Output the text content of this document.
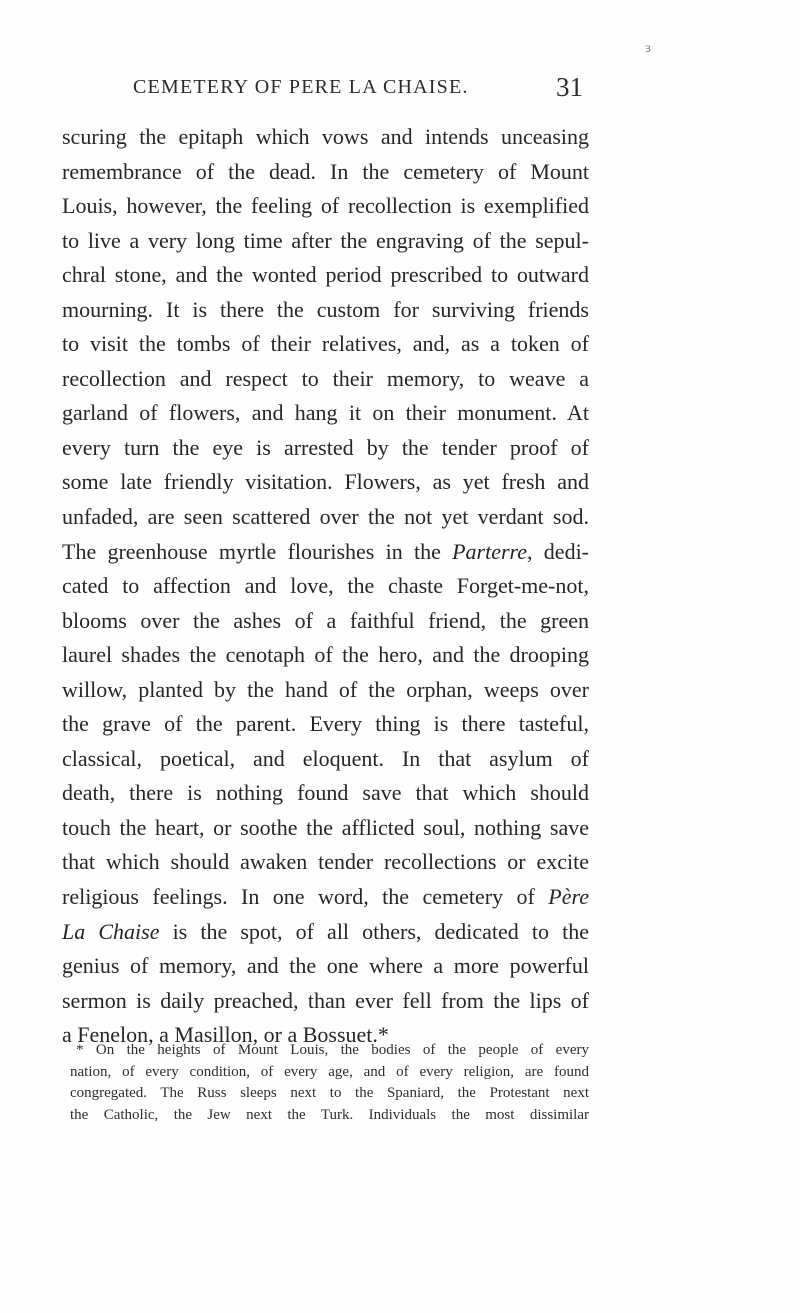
ɜ
CEMETERY OF PERE LA CHAISE.	31
scuring the epitaph which vows and intends unceasing
remembrance of the dead. In the cemetery of Mount
Louis, however, the feeling of recollection is exemplified
to live a very long time after the engraving of the sepul-
chral stone, and the wonted period prescribed to outward
mourning. It is there the custom for surviving friends
to visit the tombs of their relatives, and, as a token of
recollection and respect to their memory, to weave a
garland of flowers, and hang it on their monument. At
every turn the eye is arrested by the tender proof of
some late friendly visitation. Flowers, as yet fresh and
unfaded, are seen scattered over the not yet verdant sod.
The greenhouse myrtle flourishes in the Parterre, dedi-
cated to affection and love, the chaste Forget-me-not,
blooms over the ashes of a faithful friend, the green
laurel shades the cenotaph of the hero, and the drooping
willow, planted by the hand of the orphan, weeps over
the grave of the parent. Every thing is there tasteful,
classical, poetical, and eloquent. In that asylum of
death, there is nothing found save that which should
touch the heart, or soothe the afflicted soul, nothing save
that which should awaken tender recollections or excite
religious feelings. In one word, the cemetery of Père
La Chaise is the spot, of all others, dedicated to the
genius of memory, and the one where a more powerful
sermon is daily preached, than ever fell from the lips of
a Fenelon, a Masillon, or a Bossuet.*
* On the heights of Mount Louis, the bodies of the people of every
nation, of every condition, of every age, and of every religion, are found
congregated. The Russ sleeps next to the Spaniard, the Protestant next
the Catholic, the Jew next the Turk. Individuals the most dissimilar
